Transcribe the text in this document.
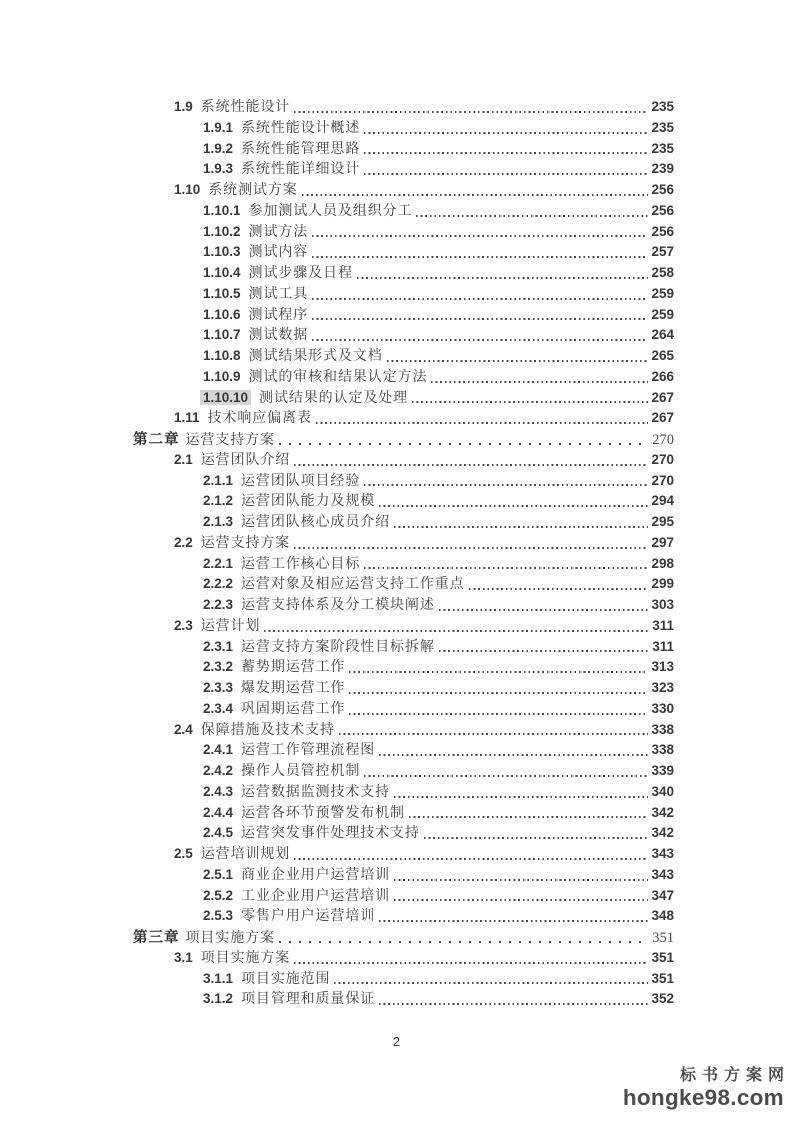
1.9 系统性能设计	235
1.9.1 系统性能设计概述	235
1.9.2 系统性能管理思路	235
1.9.3 系统性能详细设计	239
1.10 系统测试方案	256
1.10.1 参加测试人员及组织分工	256
1.10.2 测试方法	256
1.10.3 测试内容	257
1.10.4 测试步骤及日程	258
1.10.5 测试工具	259
1.10.6 测试程序	259
1.10.7 测试数据	264
1.10.8 测试结果形式及文档	265
1.10.9 测试的审核和结果认定方法	266
1.10.10 测试结果的认定及处理	267
1.11 技术响应偏离表	267
第二章 运营支持方案	270
2.1 运营团队介绍	270
2.1.1 运营团队项目经验	270
2.1.2 运营团队能力及规模	294
2.1.3 运营团队核心成员介绍	295
2.2 运营支持方案	297
2.2.1 运营工作核心目标	298
2.2.2 运营对象及相应运营支持工作重点	299
2.2.3 运营支持体系及分工模块阐述	303
2.3 运营计划	311
2.3.1 运营支持方案阶段性目标拆解	311
2.3.2 蓄势期运营工作	313
2.3.3 爆发期运营工作	323
2.3.4 巩固期运营工作	330
2.4 保障措施及技术支持	338
2.4.1 运营工作管理流程图	338
2.4.2 操作人员管控机制	339
2.4.3 运营数据监测技术支持	340
2.4.4 运营各环节预警发布机制	342
2.4.5 运营突发事件处理技术支持	342
2.5 运营培训规划	343
2.5.1 商业企业用户运营培训	343
2.5.2 工业企业用户运营培训	347
2.5.3 零售户用户运营培训	348
第三章 项目实施方案	351
3.1 项目实施方案	351
3.1.1 项目实施范围	351
3.1.2 项目管理和质量保证	352
2
标书方案网
hongke98.com
